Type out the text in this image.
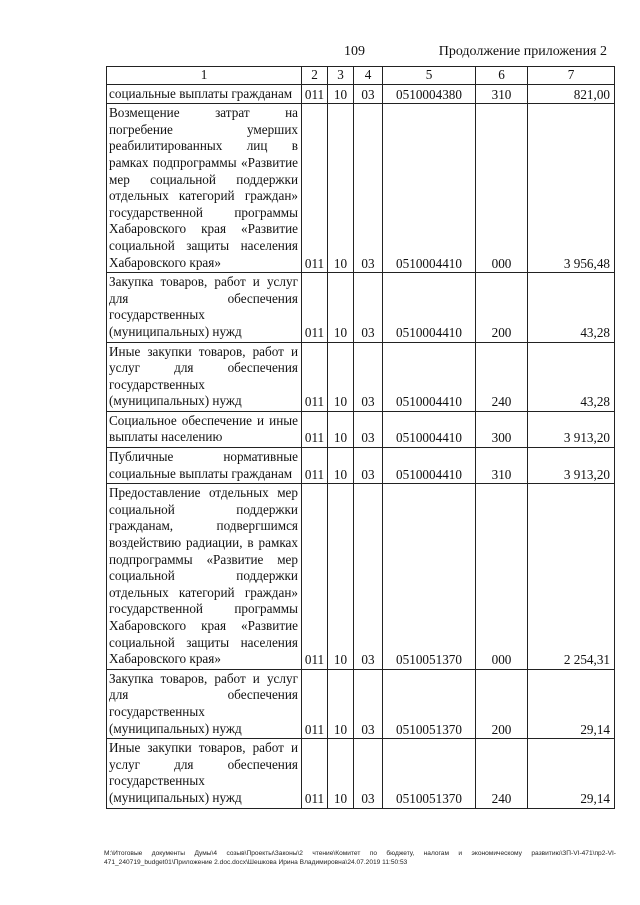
109	Продолжение приложения 2
1	2	3	4	5	6	7
социальные выплаты гражданам	011	10	03	0510004380	310	821,00
Возмещение затрат на погребение умерших реабилитированных лиц в рамках подпрограммы «Развитие мер социальной поддержки отдельных категорий граждан» государственной программы Хабаровского края «Развитие социальной защиты населения Хабаровского края»	011	10	03	0510004410	000	3 956,48
Закупка товаров, работ и услуг для обеспечения государственных (муниципальных) нужд	011	10	03	0510004410	200	43,28
Иные закупки товаров, работ и услуг для обеспечения государственных (муниципальных) нужд	011	10	03	0510004410	240	43,28
Социальное обеспечение и иные выплаты населению	011	10	03	0510004410	300	3 913,20
Публичные нормативные социальные выплаты гражданам	011	10	03	0510004410	310	3 913,20
Предоставление отдельных мер социальной поддержки гражданам, подвергшимся воздействию радиации, в рамках подпрограммы «Развитие мер социальной поддержки отдельных категорий граждан» государственной программы Хабаровского края «Развитие социальной защиты населения Хабаровского края»	011	10	03	0510051370	000	2 254,31
Закупка товаров, работ и услуг для обеспечения государственных (муниципальных) нужд	011	10	03	0510051370	200	29,14
Иные закупки товаров, работ и услуг для обеспечения государственных (муниципальных) нужд	011	10	03	0510051370	240	29,14
М:\Итоговые документы Думы\4 созыв\Проекты\Законы\2 чтение\Комитет по бюджету, налогам и экономическому развитию\ЗП-VI-471\пр2-VI-471_240719_budget01\Приложение 2.doc.docx\Шешкова Ирина Владимировна\24.07.2019 11:50:53
